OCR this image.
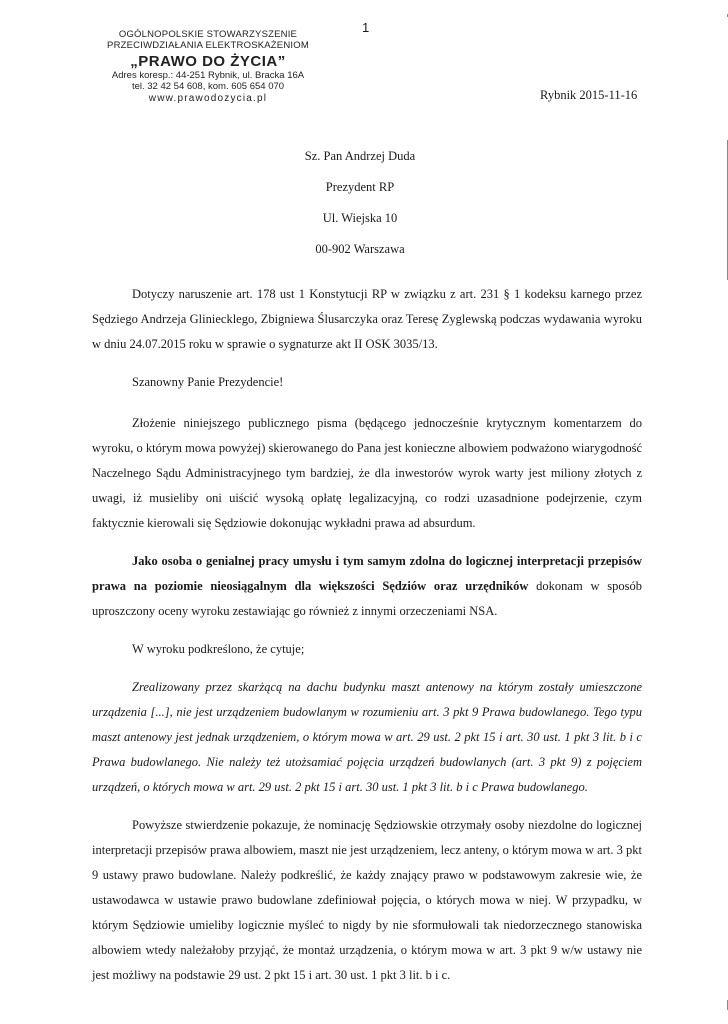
1
OGÓLNOPOLSKIE STOWARZYSZENIE
PRZECIWDZIAŁANIA ELEKTROSKAŻENIOM
„PRAWO DO ŻYCIA”
Adres koresp.: 44-251 Rybnik, ul. Bracka 16A
tel. 32 42 54 608, kom. 605 654 070
www.prawodozycia.pl	Rybnik 2015-11-16
Sz. Pan Andrzej Duda
Prezydent RP
Ul. Wiejska 10
00-902 Warszawa

Dotyczy naruszenie art. 178 ust 1 Konstytucji RP w związku z art. 231 § 1 kodeksu karnego przez Sędziego Andrzeja Gliniecklego, Zbigniewa Ślusarczyka oraz Teresę Zyglewską podczas wydawania wyroku w dniu 24.07.2015 roku w sprawie o sygnaturze akt II OSK 3035/13.

Szanowny Panie Prezydencie!

Złożenie niniejszego publicznego pisma (będącego jednocześnie krytycznym komentarzem do wyroku, o którym mowa powyżej) skierowanego do Pana jest konieczne albowiem podważono wiarygodność Naczelnego Sądu Administracyjnego tym bardziej, że dla inwestorów wyrok warty jest miliony złotych z uwagi, iż musieliby oni uiścić wysoką opłatę legalizacyjną, co rodzi uzasadnione podejrzenie, czym faktycznie kierowali się Sędziowie dokonując wykładni prawa ad absurdum.

Jako osoba o genialnej pracy umysłu i tym samym zdolna do logicznej interpretacji przepisów prawa na poziomie nieosiągalnym dla większości Sędziów oraz urzędników dokonam w sposób uproszczony oceny wyroku zestawiając go również z innymi orzeczeniami NSA.

W wyroku podkreślono, że cytuje;

Zrealizowany przez skarżącą na dachu budynku maszt antenowy na którym zostały umieszczone urządzenia [...], nie jest urządzeniem budowlanym w rozumieniu art. 3 pkt 9 Prawa budowlanego. Tego typu maszt antenowy jest jednak urządzeniem, o którym mowa w art. 29 ust. 2 pkt 15 i art. 30 ust. 1 pkt 3 lit. b i c Prawa budowlanego. Nie należy też utożsamiać pojęcia urządzeń budowlanych (art. 3 pkt 9) z pojęciem urządzeń, o których mowa w art. 29 ust. 2 pkt 15 i art. 30 ust. 1 pkt 3 lit. b i c Prawa budowlanego.

Powyższe stwierdzenie pokazuje, że nominację Sędziowskie otrzymały osoby niezdolne do logicznej interpretacji przepisów prawa albowiem, maszt nie jest urządzeniem, lecz anteny, o którym mowa w art. 3 pkt 9 ustawy prawo budowlane. Należy podkreślić, że każdy znający prawo w podstawowym zakresie wie, że ustawodawca w ustawie prawo budowlane zdefiniował pojęcia, o których mowa w niej. W przypadku, w którym Sędziowie umieliby logicznie myśleć to nigdy by nie sformułowali tak niedorzecznego stanowiska albowiem wtedy należałoby przyjąć, że montaż urządzenia, o którym mowa w art. 3 pkt 9 w/w ustawy nie jest możliwy na podstawie 29 ust. 2 pkt 15 i art. 30 ust. 1 pkt 3 lit. b i c.
